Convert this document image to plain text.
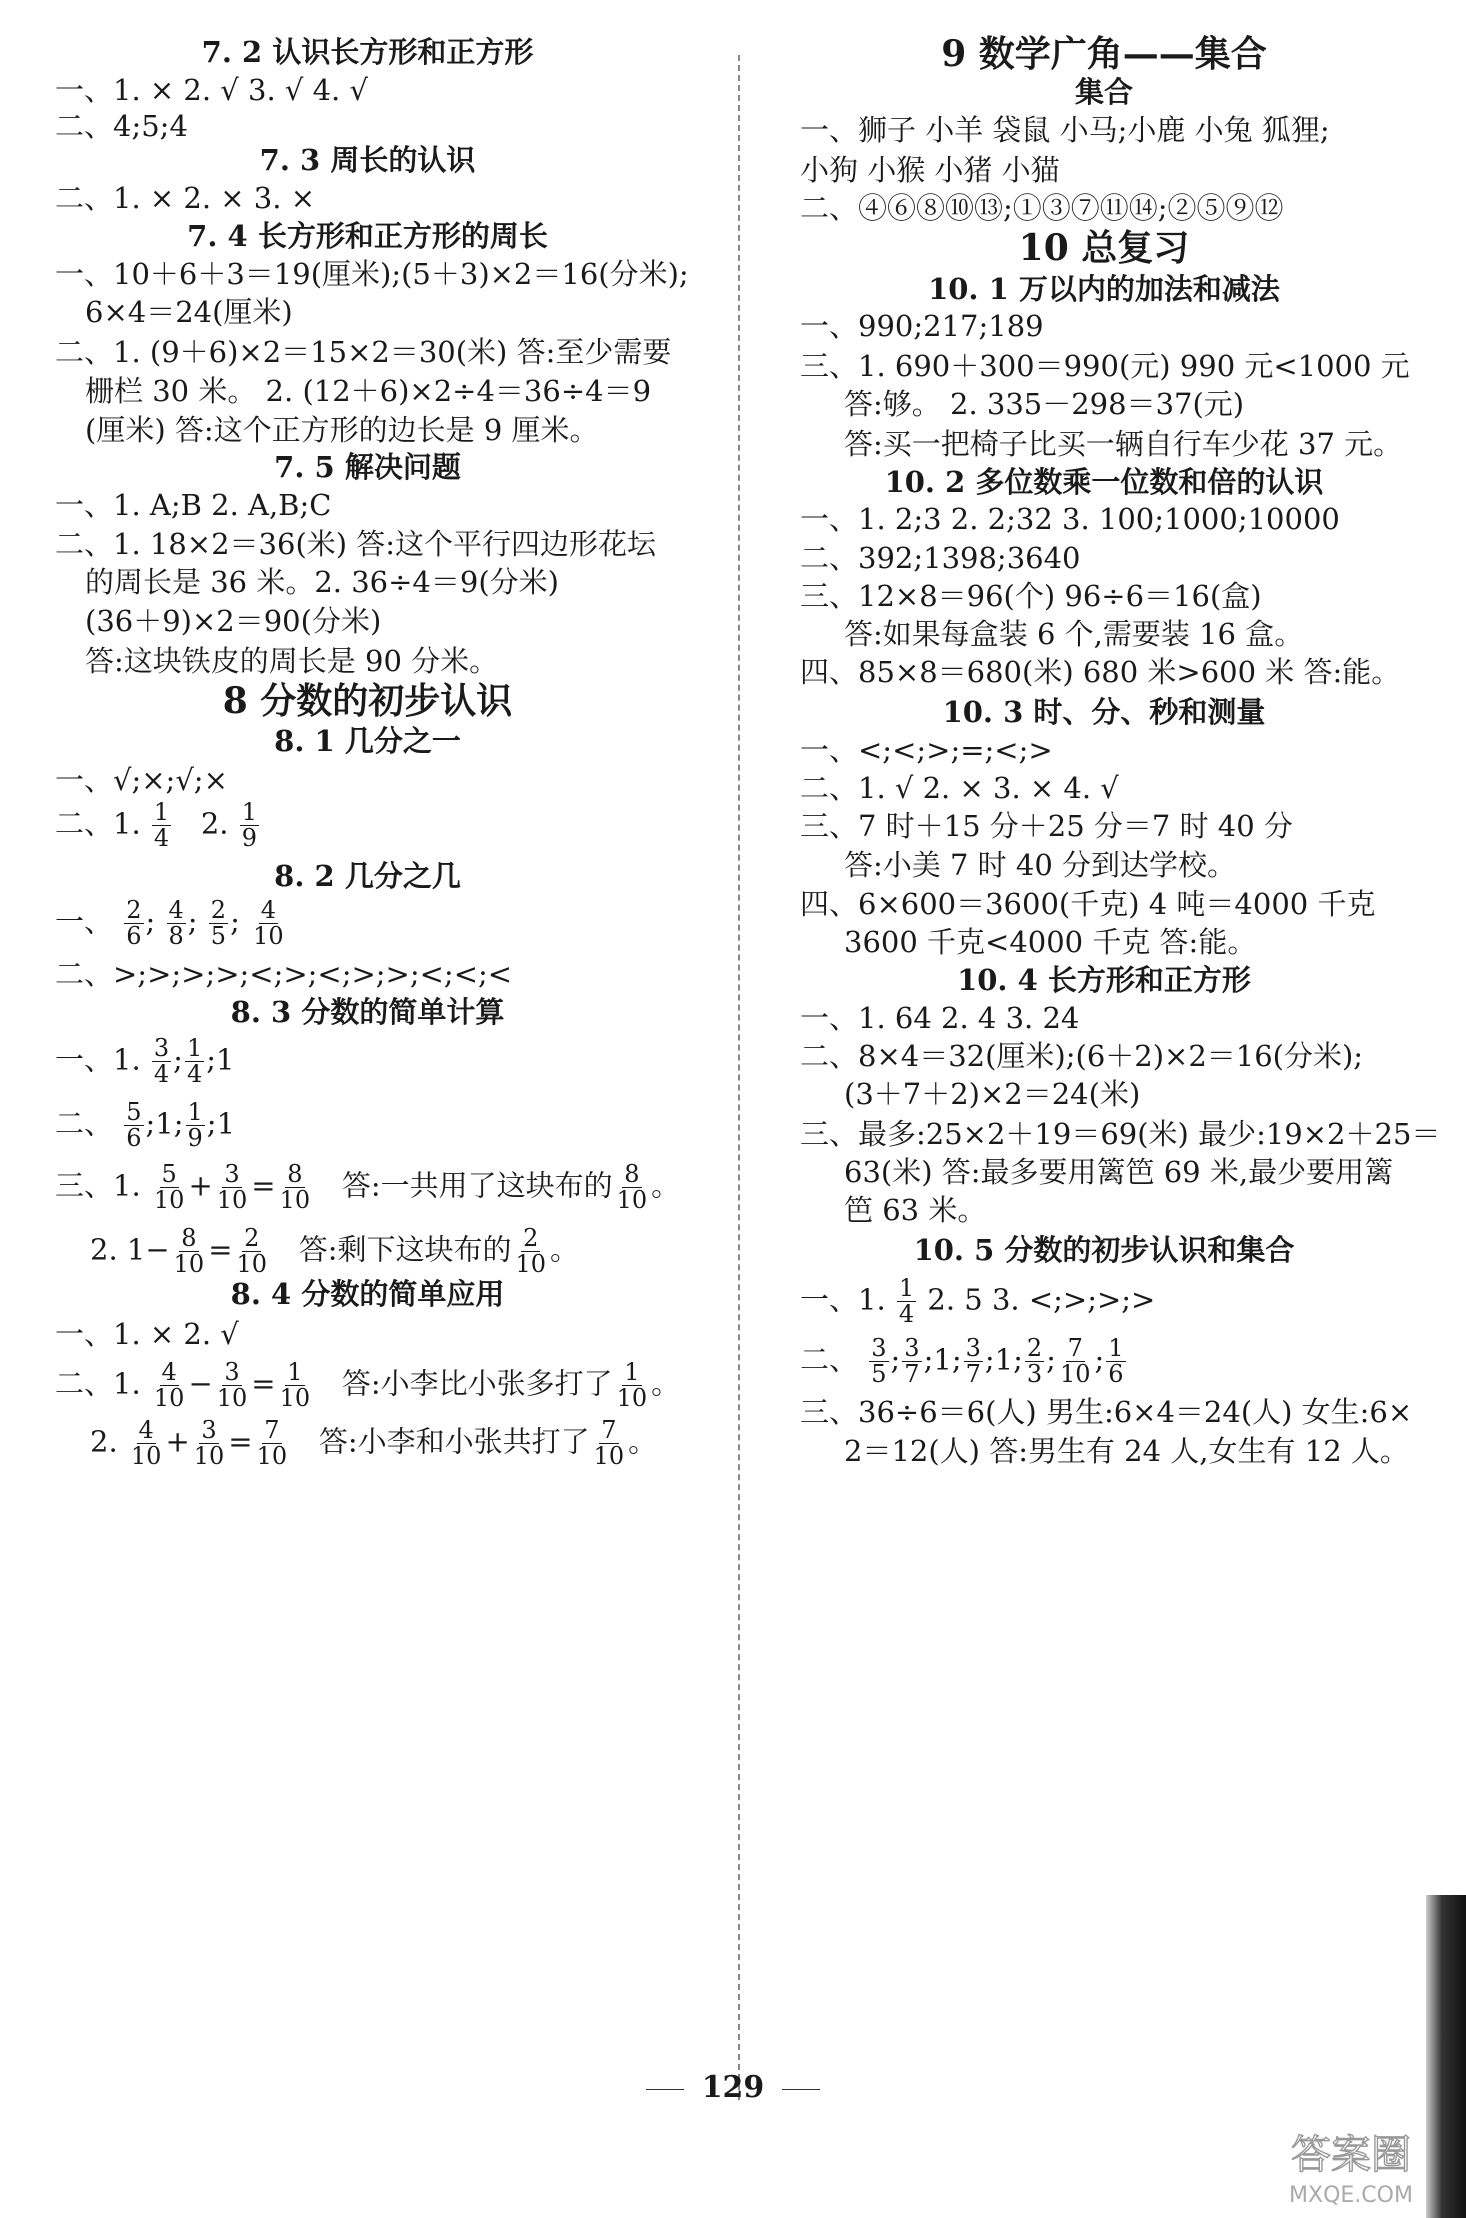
7. 2 认识长方形和正方形
一、1. × 2. √ 3. √ 4. √
二、4;5;4
7. 3 周长的认识
二、1. × 2. × 3. ×
7. 4 长方形和正方形的周长
一、10＋6＋3＝19(厘米);(5＋3)×2＝16(分米);
6×4＝24(厘米)
二、1. (9＋6)×2＝15×2＝30(米) 答:至少需要
栅栏 30 米。 2. (12＋6)×2÷4＝36÷4＝9
(厘米) 答:这个正方形的边长是 9 厘米。
7. 5 解决问题
一、1. A;B 2. A,B;C
二、1. 18×2＝36(米) 答:这个平行四边形花坛
的周长是 36 米。2. 36÷4＝9(分米)
(36＋9)×2＝90(分米)
答:这块铁皮的周长是 90 分米。
8 分数的初步认识
8. 1 几分之一
一、√;×;√;×
二、1. $\frac{1}{4} 2$. $\frac{1}{9}$
8. 2 几分之几
一、 $\frac{2}{6}$ ; $\frac{4}{8}$ ; $\frac{2}{5}$ ; $\frac{4}{10}$
二、>;>;>;>;<;>;<;>;>;<;<;<
8. 3 分数的简单计算
一、1. $\frac{3}{4}$ ; $\frac{1}{4}$ ;1
二、 $\frac{5}{6}$ ;1; $\frac{1}{9}$ ;1
三、1. $\frac{5}{10} + \frac{3}{10} = \frac{8}{10}$ 答:一共用了这块布的 $\frac{8}{10}$ 。
2. $1- \frac{8}{10} = \frac{2}{10}$ 答:剩下这块布的 $\frac{2}{10}$ 。
8. 4 分数的简单应用
一、1. × 2. √
二、1. $\frac{4}{10} - \frac{3}{10} = \frac{1}{10}$ 答:小李比小张多打了 $\frac{1}{10}$ 。
2. $\frac{4}{10} + \frac{3}{10} = \frac{7}{10}$ 答:小李和小张共打了 $\frac{7}{10}$ 。
9 数学广角——集合
集合
一、狮子 小羊 袋鼠 小马;小鹿 小兔 狐狸;
小狗 小猴 小猪 小猫
二、④⑥⑧⑩⑬;①③⑦⑪⑭;②⑤⑨⑫
10 总复习
10. 1 万以内的加法和减法
一、990;217;189
三、1. 690＋300＝990(元) 990 元<1000 元
答:够。 2. 335－298＝37(元)
答:买一把椅子比买一辆自行车少花 37 元。
10. 2 多位数乘一位数和倍的认识
一、1. 2;3 2. 2;32 3. 100;1000;10000
二、392;1398;3640
三、12×8＝96(个) 96÷6＝16(盒)
答:如果每盒装 6 个,需要装 16 盒。
四、85×8＝680(米) 680 米>600 米 答:能。
10. 3 时、分、秒和测量
一、<;<;>;=;<;>
二、1. √ 2. × 3. × 4. √
三、7 时＋15 分＋25 分＝7 时 40 分
答:小美 7 时 40 分到达学校。
四、6×600＝3600(千克) 4 吨＝4000 千克
3600 千克<4000 千克 答:能。
10. 4 长方形和正方形
一、1. 64 2. 4 3. 24
二、8×4＝32(厘米);(6＋2)×2＝16(分米);
(3＋7＋2)×2＝24(米)
三、最多:25×2＋19＝69(米) 最少:19×2＋25＝
63(米) 答:最多要用篱笆 69 米,最少要用篱
笆 63 米。
10. 5 分数的初步认识和集合
一、1. $\frac{1}{4} 2$. 5 3. <;>;>;>
二、 $\frac{3}{5}$ ; $\frac{3}{7}$ ;1; $\frac{3}{7}$ ;1; $\frac{2}{3}$ ; $\frac{7}{10}$ ; $\frac{1}{6}$
三、36÷6＝6(人) 男生:6×4＝24(人) 女生:6×
2＝12(人) 答:男生有 24 人,女生有 12 人。
129
答案圈
MXQE.COM
